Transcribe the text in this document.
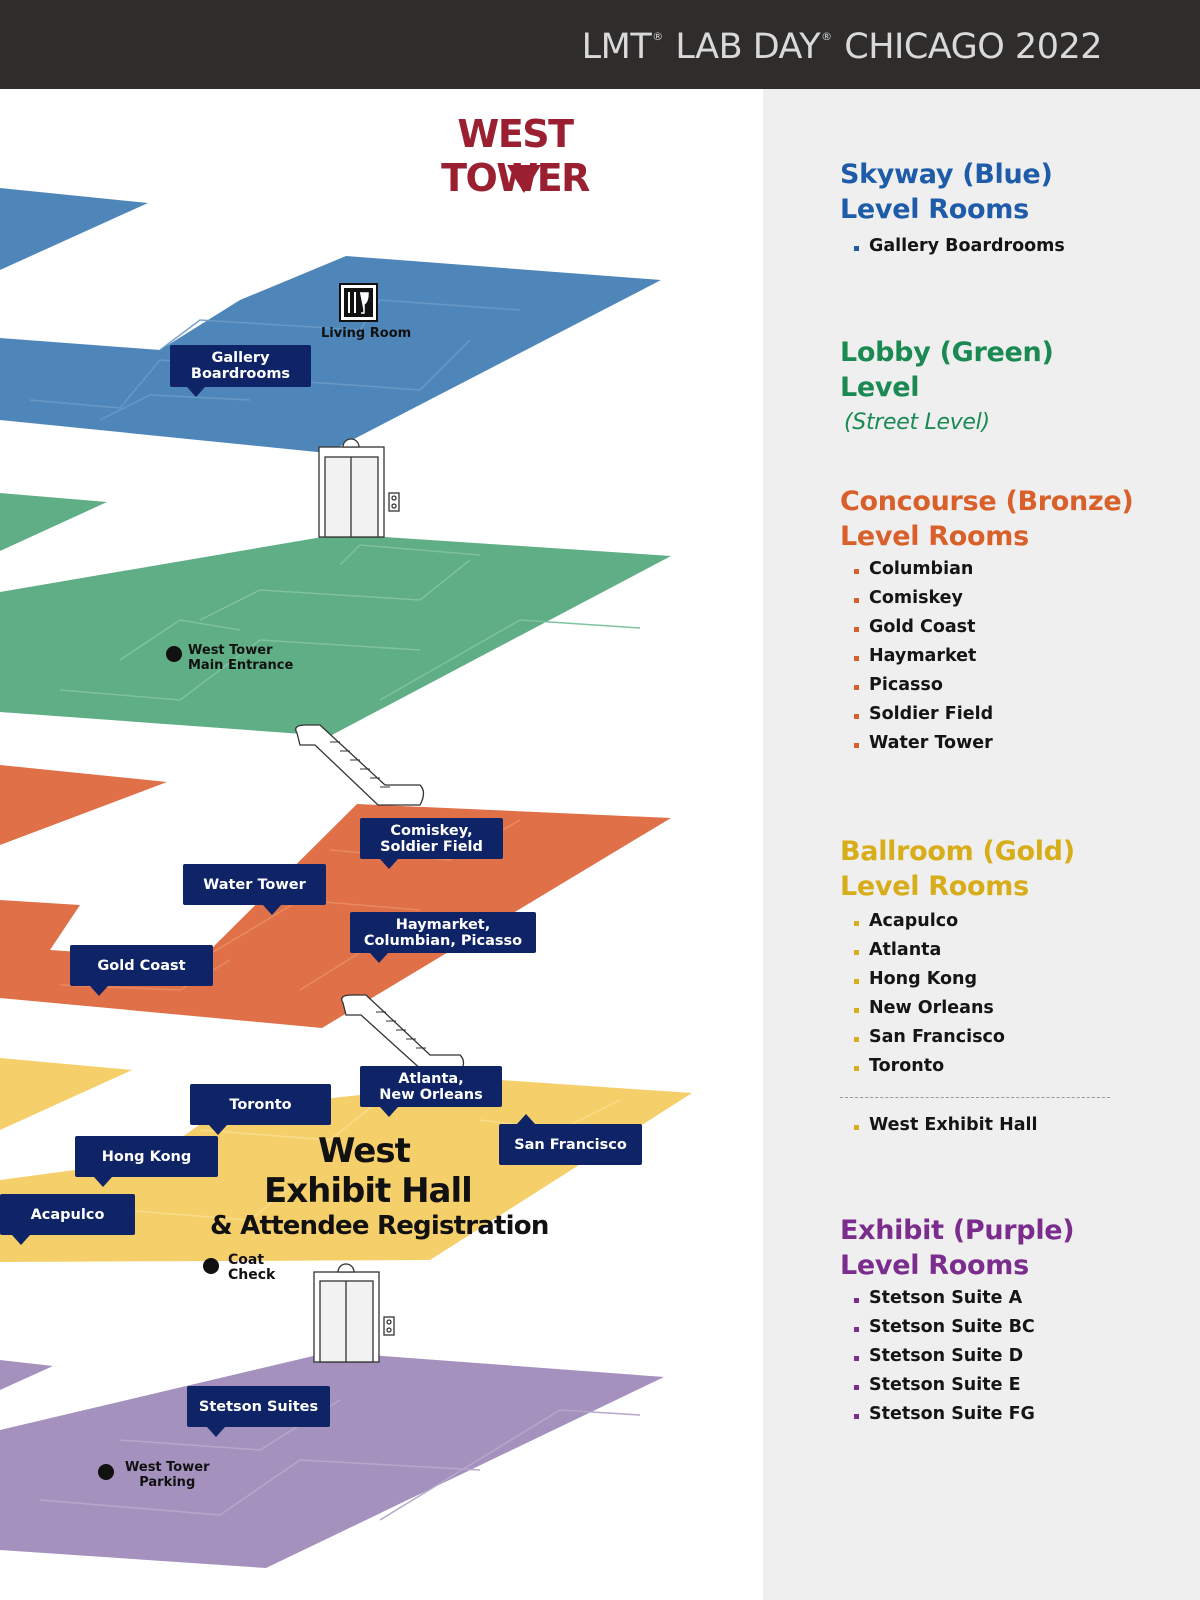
LMT® LAB DAY® CHICAGO 2022
WEST TOWER
Living Room
West Tower
Main Entrance
Coat
Check
West Tower
Parking
West
Exhibit Hall
& Attendee Registration
Gallery
Boardrooms
Comiskey,
Soldier Field
Water Tower
Haymarket,
Columbian, Picasso
Gold Coast
Atlanta,
New Orleans
Toronto
Hong Kong
San Francisco
Acapulco
Stetson Suites
Skyway (Blue)
Level Rooms
Gallery Boardrooms
Lobby (Green)
Level
(Street Level)
Concourse (Bronze)
Level Rooms
Columbian
Comiskey
Gold Coast
Haymarket
Picasso
Soldier Field
Water Tower
Ballroom (Gold)
Level Rooms
Acapulco
Atlanta
Hong Kong
New Orleans
San Francisco
Toronto
West Exhibit Hall
Exhibit (Purple)
Level Rooms
Stetson Suite A
Stetson Suite BC
Stetson Suite D
Stetson Suite E
Stetson Suite FG
